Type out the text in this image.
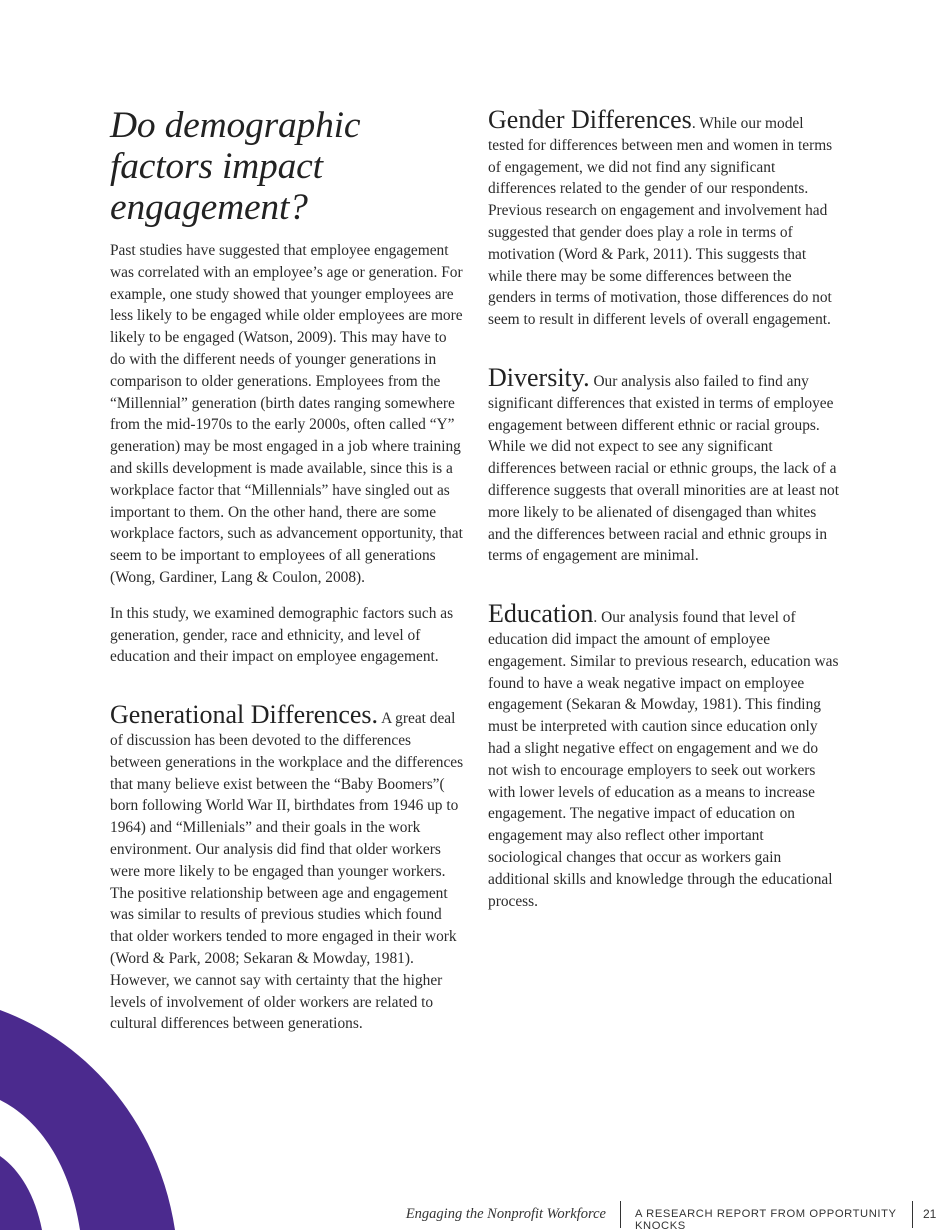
Do demographic factors impact engagement?

Past studies have suggested that employee engagement was correlated with an employee’s age or generation. For example, one study showed that younger employees are less likely to be engaged while older employees are more likely to be engaged (Watson, 2009). This may have to do with the different needs of younger generations in comparison to older generations. Employees from the “Millennial” generation (birth dates ranging somewhere from the mid-1970s to the early 2000s, often called “Y” generation) may be most engaged in a job where training and skills development is made available, since this is a workplace factor that “Millennials” have singled out as important to them. On the other hand, there are some workplace factors, such as advancement opportunity, that seem to be important to employees of all generations (Wong, Gardiner, Lang & Coulon, 2008).

In this study, we examined demographic factors such as generation, gender, race and ethnicity, and level of education and their impact on employee engagement.

Generational Differences. A great deal of discussion has been devoted to the differences between generations in the workplace and the differences that many believe exist between the “Baby Boomers”( born following World War II, birthdates from 1946 up to 1964) and “Millenials” and their goals in the work environment. Our analysis did find that older workers were more likely to be engaged than younger workers. The positive relationship between age and engagement was similar to results of previous studies which found that older workers tended to more engaged in their work (Word & Park, 2008; Sekaran & Mowday, 1981). However, we cannot say with certainty that the higher levels of involvement of older workers are related to cultural differences between generations.

Gender Differences. While our model tested for differences between men and women in terms of engagement, we did not find any significant differences related to the gender of our respondents. Previous research on engagement and involvement had suggested that gender does play a role in terms of motivation (Word & Park, 2011). This suggests that while there may be some differences between the genders in terms of motivation, those differences do not seem to result in different levels of overall engagement.

Diversity. Our analysis also failed to find any significant differences that existed in terms of employee engagement between different ethnic or racial groups. While we did not expect to see any significant differences between racial or ethnic groups, the lack of a difference suggests that overall minorities are at least not more likely to be alienated of disengaged than whites and the differences between racial and ethnic groups in terms of engagement are minimal.

Education. Our analysis found that level of education did impact the amount of employee engagement. Similar to previous research, education was found to have a weak negative impact on employee engagement (Sekaran & Mowday, 1981). This finding must be interpreted with caution since education only had a slight negative effect on engagement and we do not wish to encourage employers to seek out workers with lower levels of education as a means to increase engagement. The negative impact of education on engagement may also reflect other important sociological changes that occur as workers gain additional skills and knowledge through the educational process.

Engaging the Nonprofit Workforce	A RESEARCH REPORT FROM OPPORTUNITY KNOCKS
21
